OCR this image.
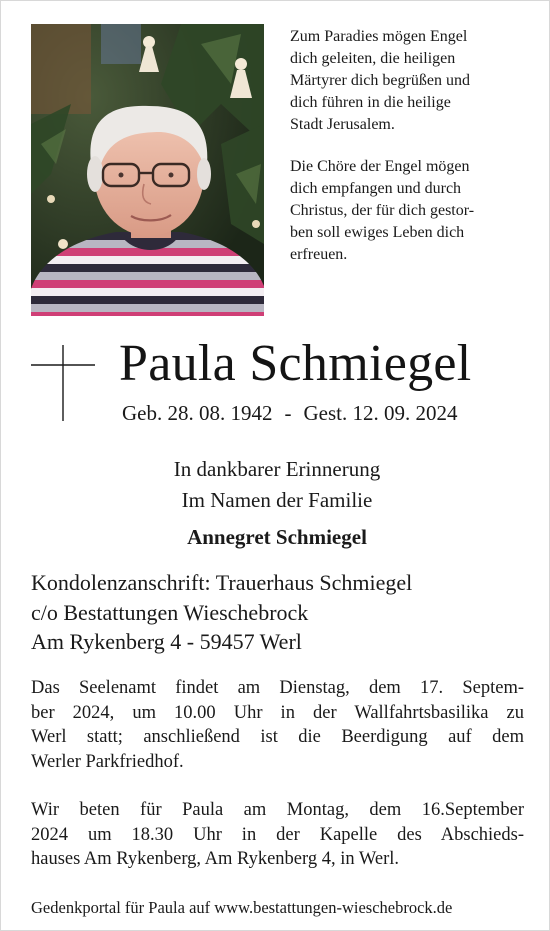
Zum Paradies mögen Engel
dich geleiten, die heiligen
Märtyrer dich begrüßen und
dich führen in die heilige
Stadt Jerusalem.

Die Chöre der Engel mögen
dich empfangen und durch
Christus, der für dich gestor-
ben soll ewiges Leben dich
erfreuen.

Paula Schmiegel
Geb. 28. 08. 1942 - Gest. 12. 09. 2024
In dankbarer Erinnerung
Im Namen der Familie
Annegret Schmiegel
Kondolenzanschrift: Trauerhaus Schmiegel
c/o Bestattungen Wieschebrock
Am Rykenberg 4 - 59457 Werl
Das Seelenamt findet am Dienstag, dem 17. Septem-
ber 2024, um 10.00 Uhr in der Wallfahrtsbasilika zu
Werl statt; anschließend ist die Beerdigung auf dem
Werler Parkfriedhof.
Wir beten für Paula am Montag, dem 16.September
2024 um 18.30 Uhr in der Kapelle des Abschieds-
hauses Am Rykenberg, Am Rykenberg 4, in Werl.
Gedenkportal für Paula auf www.bestattungen-wieschebrock.de
